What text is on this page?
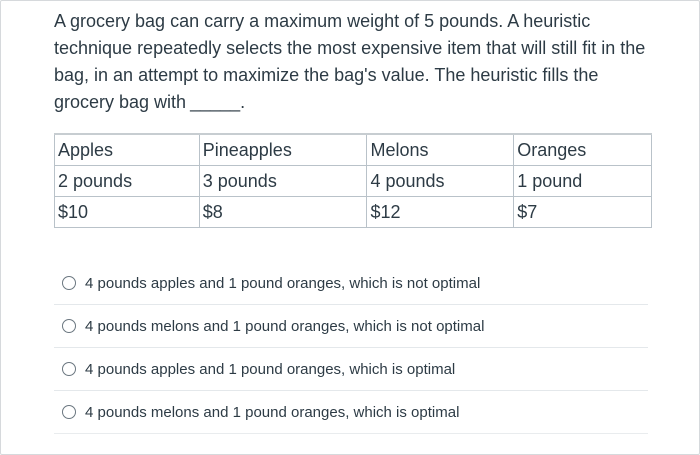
A grocery bag can carry a maximum weight of 5 pounds. A heuristic technique repeatedly selects the most expensive item that will still fit in the bag, in an attempt to maximize the bag's value. The heuristic fills the grocery bag with _____.
Apples	Pineapples	Melons	Oranges
2 pounds	3 pounds	4 pounds	1 pound
$10	$8	$12	$7
4 pounds apples and 1 pound oranges, which is not optimal
4 pounds melons and 1 pound oranges, which is not optimal
4 pounds apples and 1 pound oranges, which is optimal
4 pounds melons and 1 pound oranges, which is optimal
